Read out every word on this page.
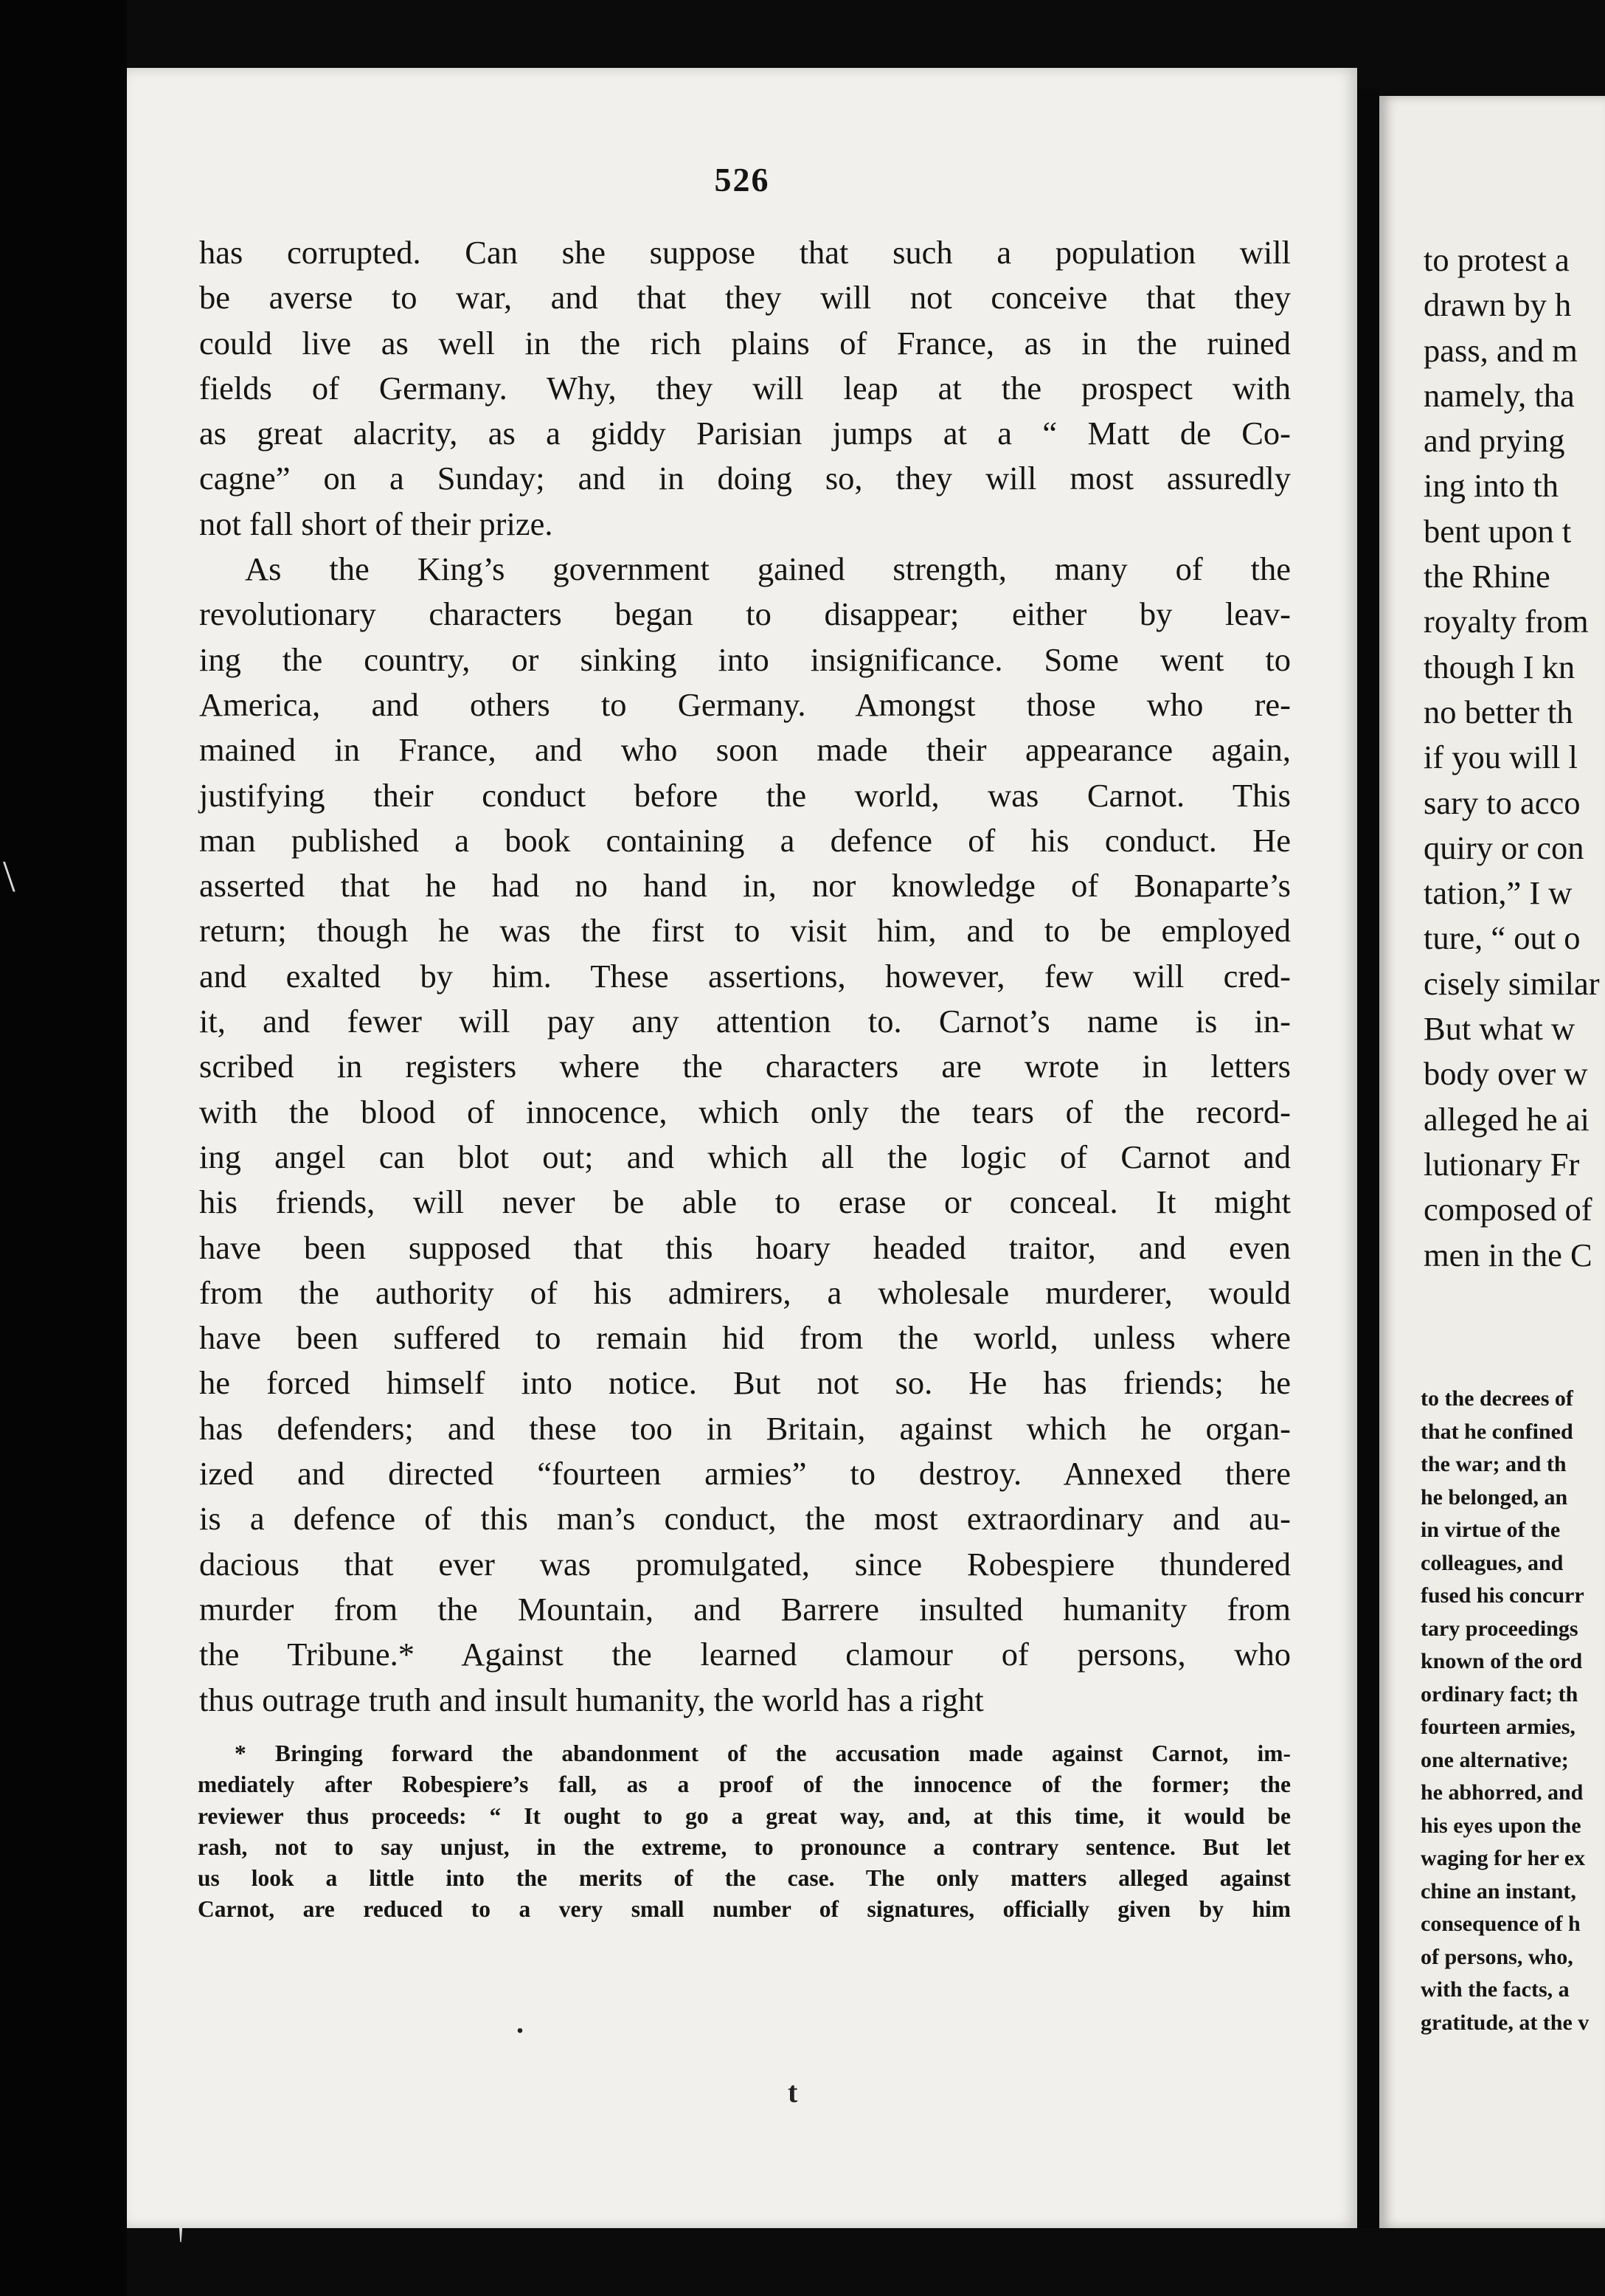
\
526
has corrupted. Can she suppose that such a population will
be averse to war, and that they will not conceive that they
could live as well in the rich plains of France, as in the ruined
fields of Germany. Why, they will leap at the prospect with
as great alacrity, as a giddy Parisian jumps at a “ Matt de Co-
cagne” on a Sunday; and in doing so, they will most assuredly
not fall short of their prize.
As the King’s government gained strength, many of the
revolutionary characters began to disappear; either by leav-
ing the country, or sinking into insignificance. Some went to
America, and others to Germany. Amongst those who re-
mained in France, and who soon made their appearance again,
justifying their conduct before the world, was Carnot. This
man published a book containing a defence of his conduct. He
asserted that he had no hand in, nor knowledge of Bonaparte’s
return; though he was the first to visit him, and to be employed
and exalted by him. These assertions, however, few will cred-
it, and fewer will pay any attention to. Carnot’s name is in-
scribed in registers where the characters are wrote in letters
with the blood of innocence, which only the tears of the record-
ing angel can blot out; and which all the logic of Carnot and
his friends, will never be able to erase or conceal. It might
have been supposed that this hoary headed traitor, and even
from the authority of his admirers, a wholesale murderer, would
have been suffered to remain hid from the world, unless where
he forced himself into notice. But not so. He has friends; he
has defenders; and these too in Britain, against which he organ-
ized and directed “fourteen armies” to destroy. Annexed there
is a defence of this man’s conduct, the most extraordinary and au-
dacious that ever was promulgated, since Robespiere thundered
murder from the Mountain, and Barrere insulted humanity from
the Tribune.* Against the learned clamour of persons, who
thus outrage truth and insult humanity, the world has a right
* Bringing forward the abandonment of the accusation made against Carnot, im-
mediately after Robespiere’s fall, as a proof of the innocence of the former; the
reviewer thus proceeds: “ It ought to go a great way, and, at this time, it would be
rash, not to say unjust, in the extreme, to pronounce a contrary sentence. But let
us look a little into the merits of the case. The only matters alleged against
Carnot, are reduced to a very small number of signatures, officially given by him
.
t
to protest a
drawn by h
pass, and m
namely, tha
and prying
ing into th
bent upon t
the Rhine
royalty from
though I kn
no better th
if you will l
sary to acco
quiry or con
tation,” I w
ture, “ out o
cisely similar
But what w
body over w
alleged he ai
lutionary Fr
composed of
men in the C
to the decrees of
that he confined
the war; and th
he belonged, an
in virtue of the
colleagues, and
fused his concurr
tary proceedings
known of the ord
ordinary fact; th
fourteen armies,
one alternative;
he abhorred, and
his eyes upon the
waging for her ex
chine an instant,
consequence of h
of persons, who,
with the facts, a
gratitude, at the v
